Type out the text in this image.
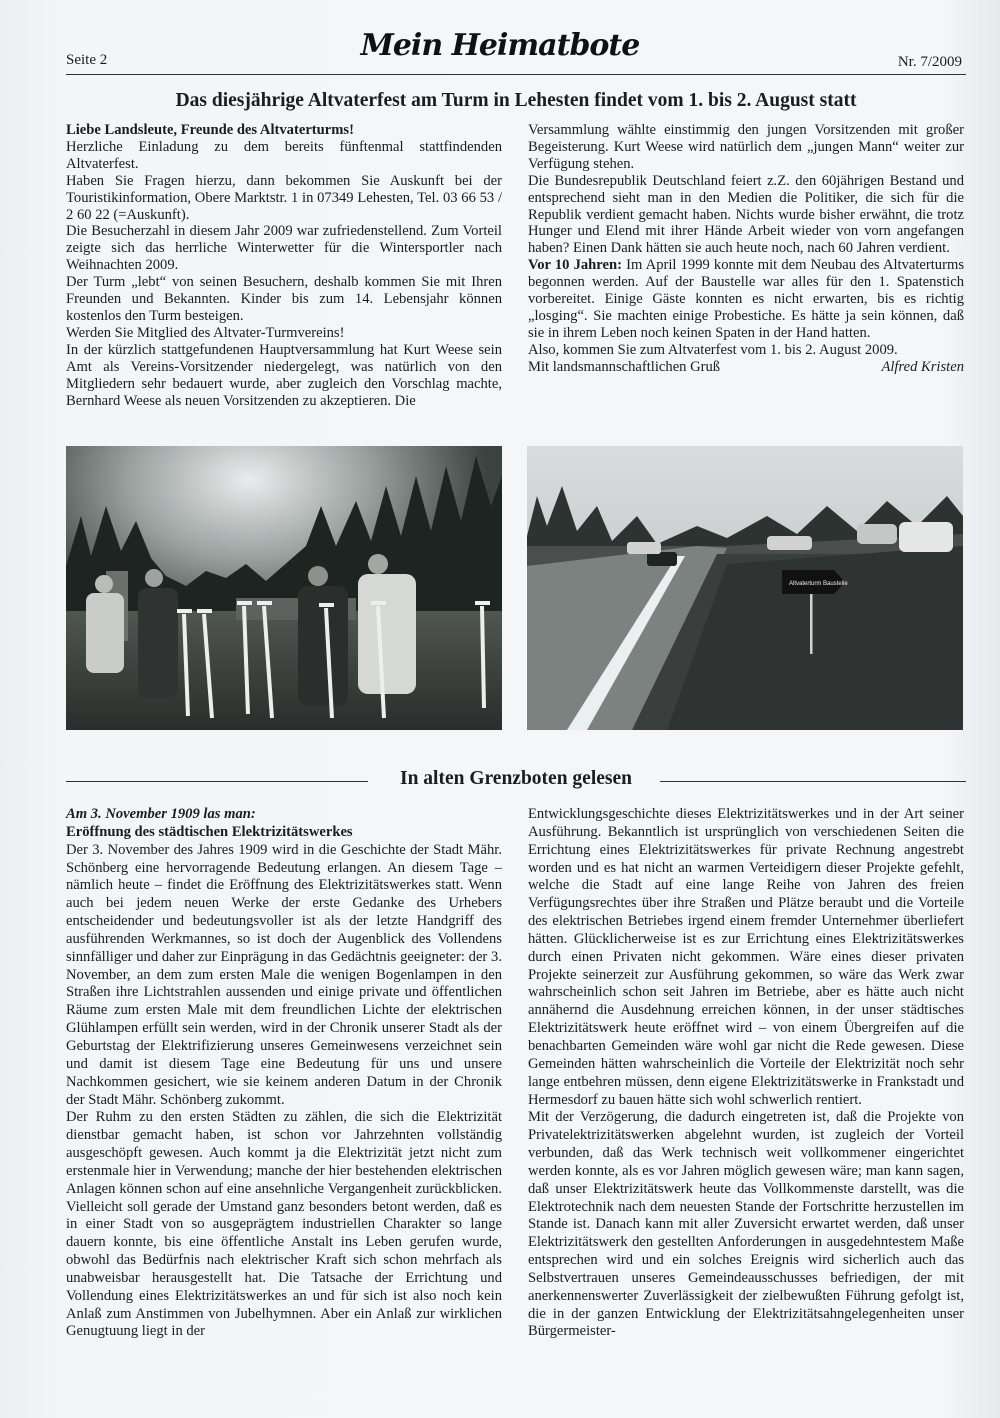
Seite 2	Mein Heimatbote	Nr. 7/2009
Das diesjährige Altvaterfest am Turm in Lehesten findet vom 1. bis 2. August statt

Liebe Landsleute, Freunde des Altvaterturms!

Herzliche Einladung zu dem bereits fünftenmal stattfindenden Altvaterfest.

Haben Sie Fragen hierzu, dann bekommen Sie Auskunft bei der Touristikinformation, Obere Marktstr. 1 in 07349 Lehesten, Tel. 03 66 53 / 2 60 22 (=Auskunft).

Die Besucherzahl in diesem Jahr 2009 war zufriedenstellend. Zum Vorteil zeigte sich das herrliche Winterwetter für die Wintersportler nach Weihnachten 2009.

Der Turm „lebt“ von seinen Besuchern, deshalb kommen Sie mit Ihren Freunden und Bekannten. Kinder bis zum 14. Lebensjahr können kostenlos den Turm besteigen.

Werden Sie Mitglied des Altvater-Turmvereins!

In der kürzlich stattgefundenen Hauptversammlung hat Kurt Weese sein Amt als Vereins-Vorsitzender niedergelegt, was natürlich von den Mitgliedern sehr bedauert wurde, aber zugleich den Vorschlag machte, Bernhard Weese als neuen Vorsitzenden zu akzeptieren. Die

Versammlung wählte einstimmig den jungen Vorsitzenden mit großer Begeisterung. Kurt Weese wird natürlich dem „jungen Mann“ weiter zur Verfügung stehen.

Die Bundesrepublik Deutschland feiert z.Z. den 60jährigen Bestand und entsprechend sieht man in den Medien die Politiker, die sich für die Republik verdient gemacht haben. Nichts wurde bisher erwähnt, die trotz Hunger und Elend mit ihrer Hände Arbeit wieder von vorn angefangen haben? Einen Dank hätten sie auch heute noch, nach 60 Jahren verdient.

Vor 10 Jahren: Im April 1999 konnte mit dem Neubau des Altvaterturms begonnen werden. Auf der Baustelle war alles für den 1. Spatenstich vorbereitet. Einige Gäste konnten es nicht erwarten, bis es richtig „losging“. Sie machten einige Probestiche. Es hätte ja sein können, daß sie in ihrem Leben noch keinen Spaten in der Hand hatten.

Also, kommen Sie zum Altvaterfest vom 1. bis 2. August 2009.

Mit landsmannschaftlichen Gruß	Alfred Kristen
Altvaterturm Baustelle
In alten Grenzboten gelesen

Am 3. November 1909 las man:

Eröffnung des städtischen Elektrizitätswerkes

Der 3. November des Jahres 1909 wird in die Geschichte der Stadt Mähr. Schönberg eine hervorragende Bedeutung erlangen. An diesem Tage – nämlich heute – findet die Eröffnung des Elektrizitätswerkes statt. Wenn auch bei jedem neuen Werke der erste Gedanke des Urhebers entscheidender und bedeutungsvoller ist als der letzte Handgriff des ausführenden Werkmannes, so ist doch der Augenblick des Vollendens sinnfälliger und daher zur Einprägung in das Gedächtnis geeigneter: der 3. November, an dem zum ersten Male die wenigen Bogenlampen in den Straßen ihre Lichtstrahlen aussenden und einige private und öffentlichen Räume zum ersten Male mit dem freundlichen Lichte der elektrischen Glühlampen erfüllt sein werden, wird in der Chronik unserer Stadt als der Geburtstag der Elektrifizierung unseres Gemeinwesens verzeichnet sein und damit ist diesem Tage eine Bedeutung für uns und unsere Nachkommen gesichert, wie sie keinem anderen Datum in der Chronik der Stadt Mähr. Schönberg zukommt.

Der Ruhm zu den ersten Städten zu zählen, die sich die Elektrizität dienstbar gemacht haben, ist schon vor Jahrzehnten vollständig ausgeschöpft gewesen. Auch kommt ja die Elektrizität jetzt nicht zum erstenmale hier in Verwendung; manche der hier bestehenden elektrischen Anlagen können schon auf eine ansehnliche Vergangenheit zurückblicken. Vielleicht soll gerade der Umstand ganz besonders betont werden, daß es in einer Stadt von so ausgeprägtem industriellen Charakter so lange dauern konnte, bis eine öffentliche Anstalt ins Leben gerufen wurde, obwohl das Bedürfnis nach elektrischer Kraft sich schon mehrfach als unabweisbar herausgestellt hat. Die Tatsache der Errichtung und Vollendung eines Elektrizitätswerkes an und für sich ist also noch kein Anlaß zum Anstimmen von Jubelhymnen. Aber ein Anlaß zur wirklichen Genugtuung liegt in der

Entwicklungsgeschichte dieses Elektrizitätswerkes und in der Art seiner Ausführung. Bekanntlich ist ursprünglich von verschiedenen Seiten die Errichtung eines Elektrizitätswerkes für private Rechnung angestrebt worden und es hat nicht an warmen Verteidigern dieser Projekte gefehlt, welche die Stadt auf eine lange Reihe von Jahren des freien Verfügungsrechtes über ihre Straßen und Plätze beraubt und die Vorteile des elektrischen Betriebes irgend einem fremder Unternehmer überliefert hätten. Glücklicherweise ist es zur Errichtung eines Elektrizitätswerkes durch einen Privaten nicht gekommen. Wäre eines dieser privaten Projekte seinerzeit zur Ausführung gekommen, so wäre das Werk zwar wahrscheinlich schon seit Jahren im Betriebe, aber es hätte auch nicht annähernd die Ausdehnung erreichen können, in der unser städtisches Elektrizitätswerk heute eröffnet wird – von einem Übergreifen auf die benachbarten Gemeinden wäre wohl gar nicht die Rede gewesen. Diese Gemeinden hätten wahrscheinlich die Vorteile der Elektrizität noch sehr lange entbehren müssen, denn eigene Elektrizitätswerke in Frankstadt und Hermesdorf zu bauen hätte sich wohl schwerlich rentiert.

Mit der Verzögerung, die dadurch eingetreten ist, daß die Projekte von Privatelektrizitätswerken abgelehnt wurden, ist zugleich der Vorteil verbunden, daß das Werk technisch weit vollkommener eingerichtet werden konnte, als es vor Jahren möglich gewesen wäre; man kann sagen, daß unser Elektrizitätswerk heute das Vollkommenste darstellt, was die Elektrotechnik nach dem neuesten Stande der Fortschritte herzustellen im Stande ist. Danach kann mit aller Zuversicht erwartet werden, daß unser Elektrizitätswerk den gestellten Anforderungen in ausgedehntestem Maße entsprechen wird und ein solches Ereignis wird sicherlich auch das Selbstvertrauen unseres Gemeindeausschusses befriedigen, der mit anerkennenswerter Zuverlässigkeit der zielbewußten Führung gefolgt ist, die in der ganzen Entwicklung der Elektrizitätsahngelegenheiten unser Bürgermeister-
